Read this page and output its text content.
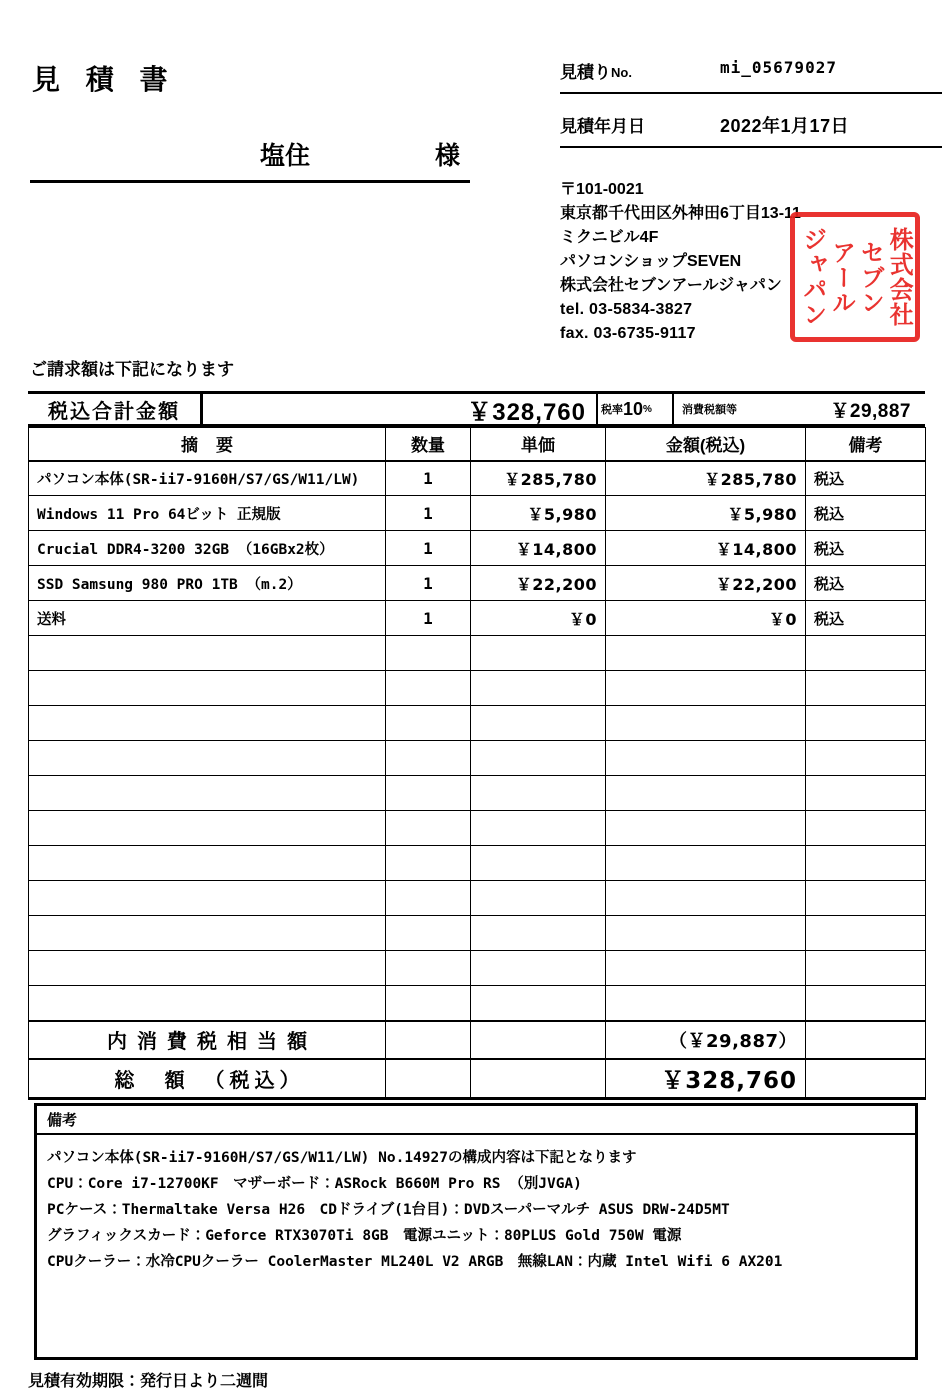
見 積 書
塩住	様
見積りNo.	mi_05679027
見積年月日	2022年1月17日
〒101-0021
東京都千代田区外神田6丁目13-11
ミクニビル4F
パソコンショップSEVEN
株式会社セブンアールジャパン
tel. 03-5834-3827
fax. 03-6735-9117
株式会社
セブン
アール
ジャパン
ご請求額は下記になります
税込合計金額	￥328,760	税率 10 %	消費税額等	￥29,887
摘要	数量	単価	金額(税込)	備考
パソコン本体(SR-ii7-9160H/S7/GS/W11/LW)	1	￥285,780	￥285,780	税込
Windows 11 Pro 64ビット 正規版	1	￥5,980	￥5,980	税込
Crucial DDR4-3200 32GB （16GBx2枚）	1	￥14,800	￥14,800	税込
SSD Samsung 980 PRO 1TB （m.2）	1	￥22,200	￥22,200	税込
送料	1	￥0	￥0	税込

内消費税相当額			（￥29,887）	
総　額　（税込）			￥328,760	
備考
パソコン本体(SR-ii7-9160H/S7/GS/W11/LW) No.14927の構成内容は下記となります
CPU：Core i7-12700KF　マザーボード：ASRock B660M Pro RS （別JVGA)
PCケース：Thermaltake Versa H26　CDドライブ(1台目)：DVDスーパーマルチ ASUS DRW-24D5MT
グラフィックスカード：Geforce RTX3070Ti 8GB　電源ユニット：80PLUS Gold 750W 電源
CPUクーラー：水冷CPUクーラー CoolerMaster ML240L V2 ARGB　無線LAN：内蔵 Intel Wifi 6 AX201
見積有効期限：発行日より二週間
